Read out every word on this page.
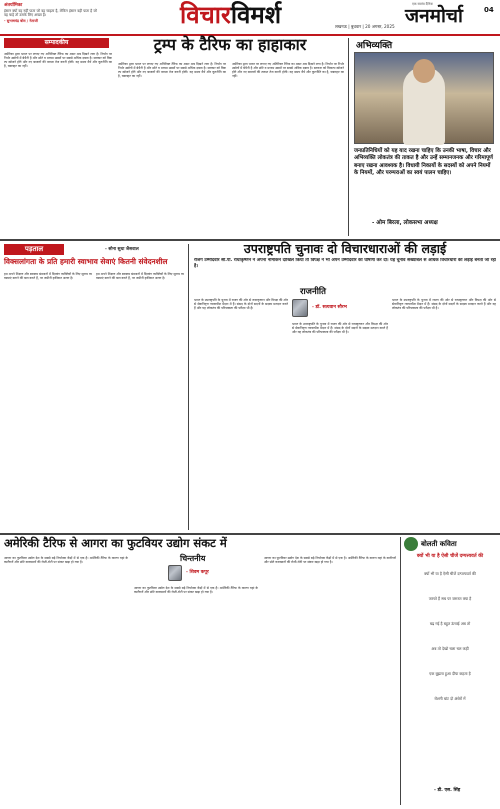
अंतर्यामिका
इंसान क्यों वह नहीं पाता जो वह चाहता है, लेकिन इंसान वही पाता है जो वह चाहे तो उसके लिए अच्छा है।
- सुभाषचंद्र बोस / नेताजी	विचारविमर्श	लखनऊ | बुधवार | 20 अगस्त, 2025 जनमोर्चा
एक स्वतंत्र दैनिक
04
सम्पादकीय	ट्रम्प के टैरिफ का हाहाकार
अमेरिका द्वारा भारत पर लगाए गए अतिरिक्त टैरिफ का असर अब दिखने लगा है। निर्यात पर निर्भर उद्योगों में बेचैनी है और छोटे व मध्यम उद्यमों पर सबसे अधिक दबाव है। सरकार को विकल्प खोजने होंगे और नए बाजारों की तलाश तेज करनी होगी। यह समय धैर्य और कूटनीति का है, घबराहट का नहीं।
अमेरिका द्वारा भारत पर लगाए गए अतिरिक्त टैरिफ का असर अब दिखने लगा है। निर्यात पर निर्भर उद्योगों में बेचैनी है और छोटे व मध्यम उद्यमों पर सबसे अधिक दबाव है। सरकार को विकल्प खोजने होंगे और नए बाजारों की तलाश तेज करनी होगी। यह समय धैर्य और कूटनीति का है, घबराहट का नहीं।
अमेरिका द्वारा भारत पर लगाए गए अतिरिक्त टैरिफ का असर अब दिखने लगा है। निर्यात पर निर्भर उद्योगों में बेचैनी है और छोटे व मध्यम उद्यमों पर सबसे अधिक दबाव है। सरकार को विकल्प खोजने होंगे और नए बाजारों की तलाश तेज करनी होगी। यह समय धैर्य और कूटनीति का है, घबराहट का नहीं।
अभिव्यक्ति
जनप्रतिनिधियों को यह याद रखना चाहिए कि उनकी भाषा, विचार और अभिव्यक्ति लोकतंत्र की ताकत है और उन्हें सम्मानजनक और गरिमापूर्ण बनाए रखना आवश्यक है। विधायी निकायों के सदस्यों को अपने नियमों के नियमों, और परम्पराओं का स्वयं पालन चाहिए।
- ओम बिरला, लोकसभा अध्यक्ष
पड़ताल	- सोना सुधा जैसवाल
विक्सलांगता के प्रति हमारी स्वाभाव सेवाएं कितनी संवेदनशील
हम अपने शिक्षण और स्वास्थ्य संस्थानों में दिव्यांग व्यक्तियों के लिए सुलभ व्यवस्थाएं बनाने की बात करते हैं, पर जमीनी हकीकत अलग है।
हम अपने शिक्षण और स्वास्थ्य संस्थानों में दिव्यांग व्यक्तियों के लिए सुलभ व्यवस्थाएं बनाने की बात करते हैं, पर जमीनी हकीकत अलग है।
उपराष्ट्रपति चुनावः दो विचारधाराओं की लड़ाई
राजग उम्मीदवार सी.पी. राधाकृष्णन ने अपना नामांकन दाखिल किया तो विपक्ष ने भी अपने उम्मीदवार की घोषणा कर दी। यह चुनाव संख्याबल से अधिक विचारधारा की लड़ाई बनता जा रहा है।
राजनीति
- डॉ. सत्यवान सौरभ
भारत के उपराष्ट्रपति के चुनाव में राजग की ओर से राधाकृष्णन और विपक्ष की ओर से सेवानिवृत्त न्यायाधीश मैदान में हैं। संसद के दोनों सदनों के सदस्य मतदान करते हैं और यह लोकतंत्र की परिपक्वता की परीक्षा भी है।
भारत के उपराष्ट्रपति के चुनाव में राजग की ओर से राधाकृष्णन और विपक्ष की ओर से सेवानिवृत्त न्यायाधीश मैदान में हैं। संसद के दोनों सदनों के सदस्य मतदान करते हैं और यह लोकतंत्र की परिपक्वता की परीक्षा भी है।
भारत के उपराष्ट्रपति के चुनाव में राजग की ओर से राधाकृष्णन और विपक्ष की ओर से सेवानिवृत्त न्यायाधीश मैदान में हैं। संसद के दोनों सदनों के सदस्य मतदान करते हैं और यह लोकतंत्र की परिपक्वता की परीक्षा भी है।
अमेरिकी टैरिफ से आगरा का फुटवियर उद्योग संकट में
चिन्तनीय
- शिवम कपूर
आगरा का फुटवियर उद्योग देश के सबसे बड़े निर्यातक केंद्रों में से एक है। अमेरिकी टैरिफ के कारण यहां के कारीगरों और छोटे कारखानों की रोजी-रोटी पर संकट खड़ा हो गया है।
आगरा का फुटवियर उद्योग देश के सबसे बड़े निर्यातक केंद्रों में से एक है। अमेरिकी टैरिफ के कारण यहां के कारीगरों और छोटे कारखानों की रोजी-रोटी पर संकट खड़ा हो गया है।
आगरा का फुटवियर उद्योग देश के सबसे बड़े निर्यातक केंद्रों में से एक है। अमेरिकी टैरिफ के कारण यहां के कारीगरों और छोटे कारखानों की रोजी-रोटी पर संकट खड़ा हो गया है।
बोलती कविता
क्यों भी या है ऐसी चीजें दम्पत्त्यवर्त की
क्यों भी या है ऐसी चीजें दम्पत्त्यवर्त की
जानते हैं सब पर जरूरत क्या है
बढ़ गई है बहुत ऊंचाई अब तो
अब तो देखो चला चल कहीं
एक बुझता हुआ दीया कहता है
रोशनी बांट दो अंधेरों में
- डी. एस. सिंह
